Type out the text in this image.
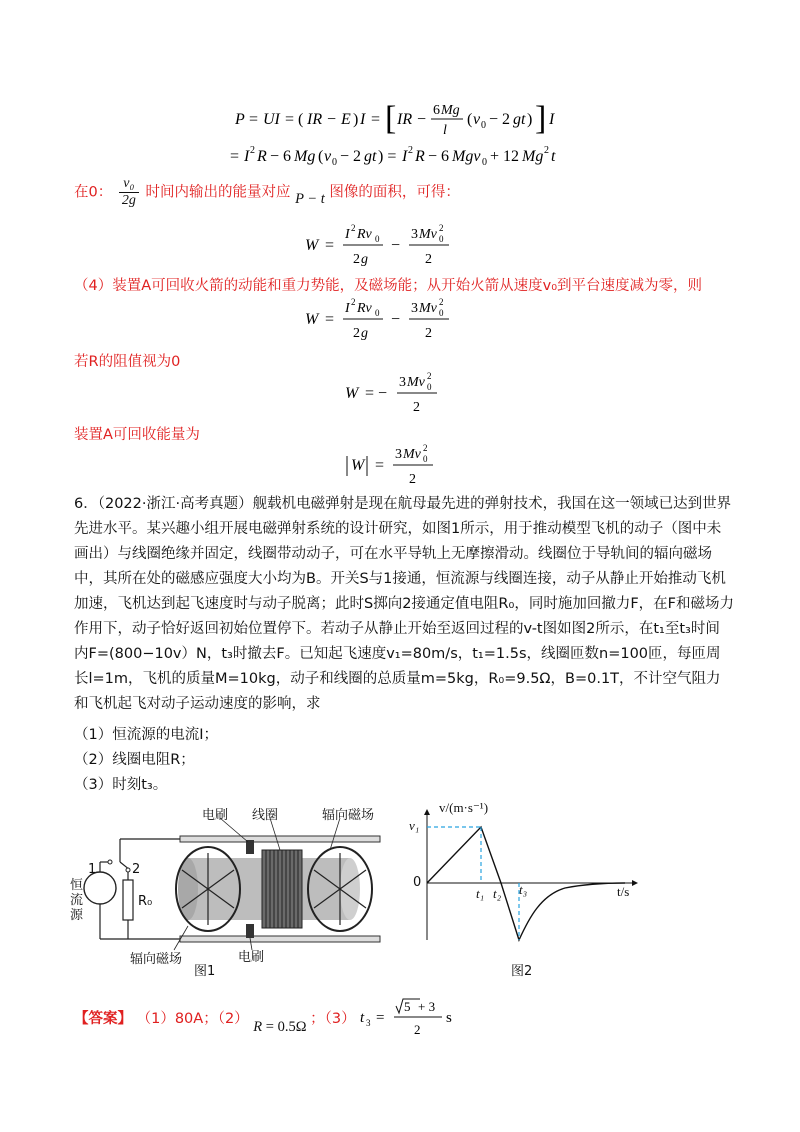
P = UI = ( IR − E ) I = [ IR −
6 Mg
l
( v 0 − 2 gt ) ] I
= I 2 R − 6 Mg ( v 0 − 2 gt ) = I 2 R − 6 Mgv 0 + 12 Mg 2 t
在0： $\frac{\text{v₀}}{2g}$ 时间内输出的能量对应 P − t 图像的面积，可得：
W =
I 2 Rv 0
2 g
−
3 Mv 2
0
2
（4）装置A可回收火箭的动能和重力势能，及磁场能；从开始火箭从速度v₀到平台速度减为零，则
W =
I 2 Rv 0
2 g
−
3 Mv 2
0
2
若R的阻值视为0
W = −
3 Mv 2
0
2
装置A可回收能量为
W =
3 Mv 2
0
2
6．（2022·浙江·高考真题）舰载机电磁弹射是现在航母最先进的弹射技术，我国在这一领域已达到世界先进水平。某兴趣小组开展电磁弹射系统的设计研究，如图1所示，用于推动模型飞机的动子（图中未画出）与线圈绝缘并固定，线圈带动动子，可在水平导轨上无摩擦滑动。线圈位于导轨间的辐向磁场中，其所在处的磁感应强度大小均为B。开关S与1接通，恒流源与线圈连接，动子从静止开始推动飞机加速，飞机达到起飞速度时与动子脱离；此时S掷向2接通定值电阻R₀，同时施加回撤力F，在F和磁场力作用下，动子恰好返回初始位置停下。若动子从静止开始至返回过程的v-t图如图2所示，在t₁至t₃时间内F=(800−10v）N，t₃时撤去F。已知起飞速度v₁=80m/s，t₁=1.5s，线圈匝数n=100匝，每匝周长l=1m，飞机的质量M=10kg，动子和线圈的总质量m=5kg，R₀=9.5Ω，B=0.1T，不计空气阻力和飞机起飞对动子运动速度的影响，求
（1）恒流源的电流I；
（2）线圈电阻R；
（3）时刻t₃。
电刷 线圈	辐向磁场
1	2
R₀
恒流源
辐向磁场	电刷
图1
v/(m·s⁻¹)
v₁
0
t₁ t₂ t₃	t/s
图2
【答案】 （1）80A；（2） R = 0.5Ω ；（3） t 3 =
5 + 3
2
s
